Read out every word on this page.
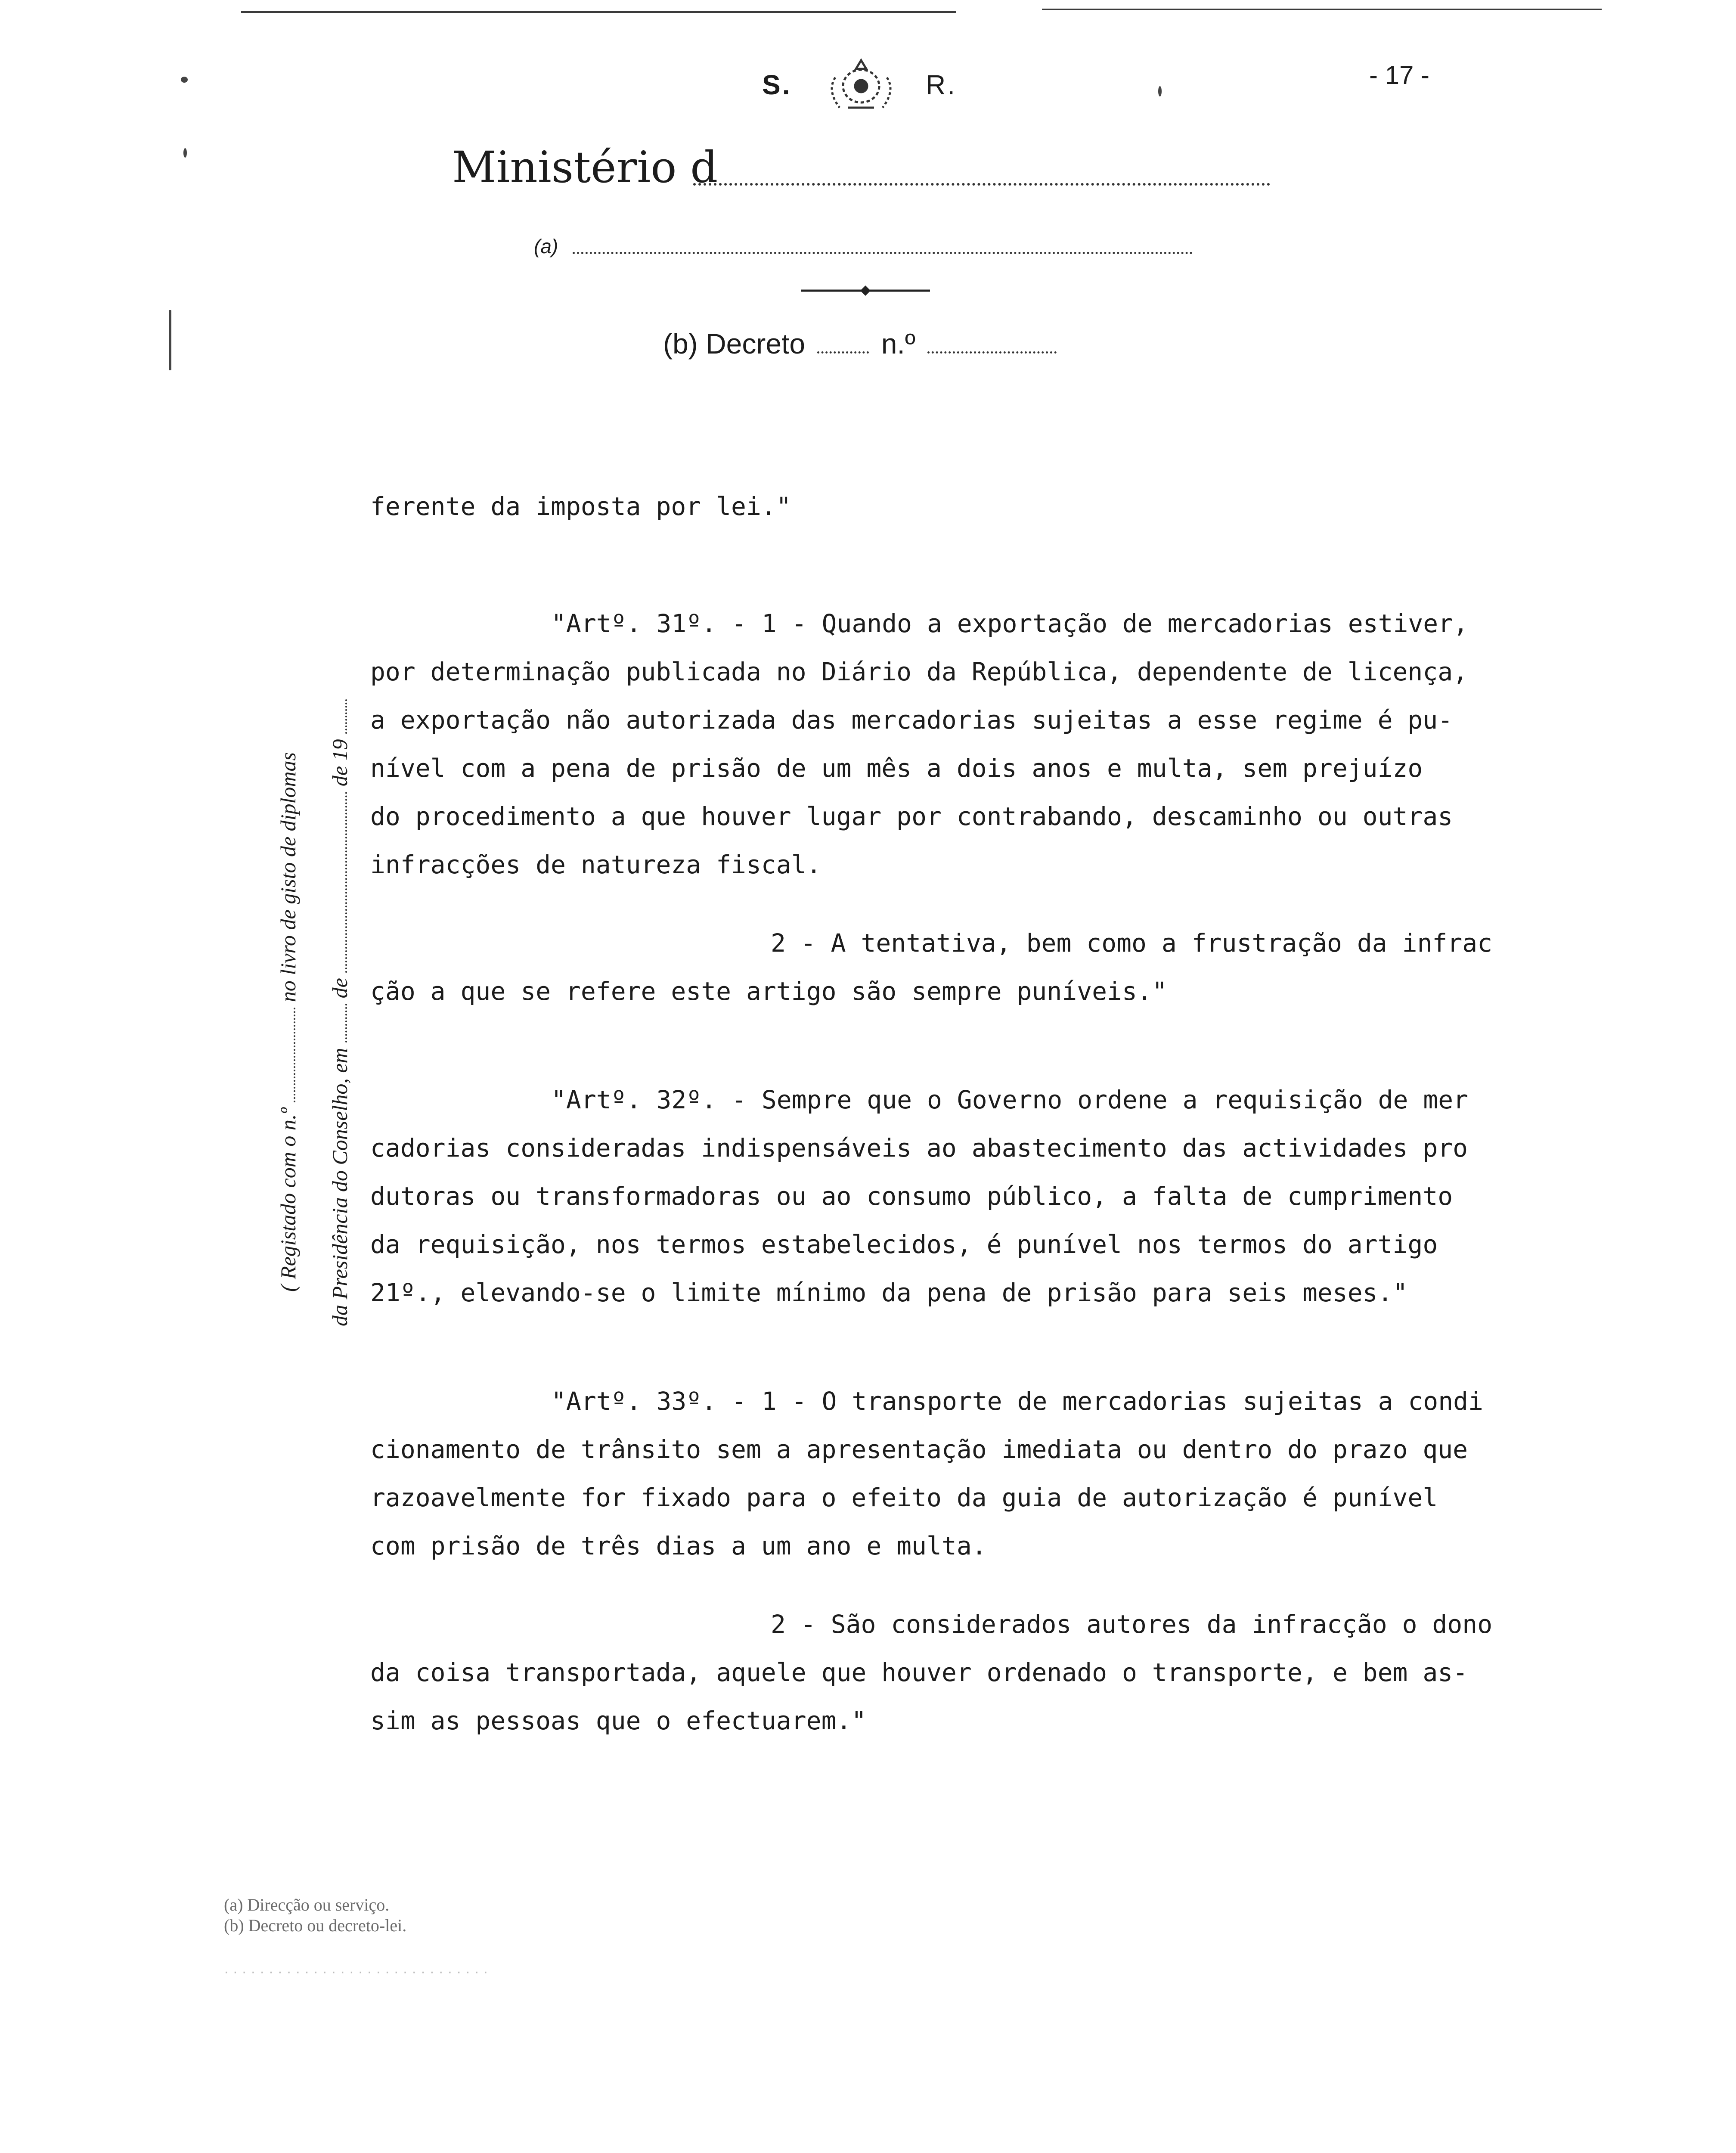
S.	R.	- 17 -
Ministério d
(a)
(b) Decreto	n.º
( Registado com o n.º  no livro de gisto de diplomas
da Presidência do Conselho, em  de  de 19

ferente da imposta por lei."

"Artº. 31º. - 1 - Quando a exportação de mercadorias estiver,

por determinação publicada no Diário da República, dependente de licença,

a exportação não autorizada das mercadorias sujeitas a esse regime é pu-

nível com a pena de prisão de um mês a dois anos e multa, sem prejuízo

do procedimento a que houver lugar por contrabando, descaminho ou outras

infracções de natureza fiscal.

2 - A tentativa, bem como a frustração da infrac

ção a que se refere este artigo são sempre puníveis."

"Artº. 32º. - Sempre que o Governo ordene a requisição de mer

cadorias consideradas indispensáveis ao abastecimento das actividades pro

dutoras ou transformadoras ou ao consumo público, a falta de cumprimento

da requisição, nos termos estabelecidos, é punível nos termos do artigo

21º., elevando-se o limite mínimo da pena de prisão para seis meses."

"Artº. 33º. - 1 - O transporte de mercadorias sujeitas a condi

cionamento de trânsito sem a apresentação imediata ou dentro do prazo que

razoavelmente for fixado para o efeito da guia de autorização é punível

com prisão de três dias a um ano e multa.

2 - São considerados autores da infracção o dono

da coisa transportada, aquele que houver ordenado o transporte, e bem as-

sim as pessoas que o efectuarem."

(a) Direcção ou serviço.

(b) Decreto ou decreto-lei.

· · · · · · · · · · · · · · · · · · · · · · · · · · · · · ·
